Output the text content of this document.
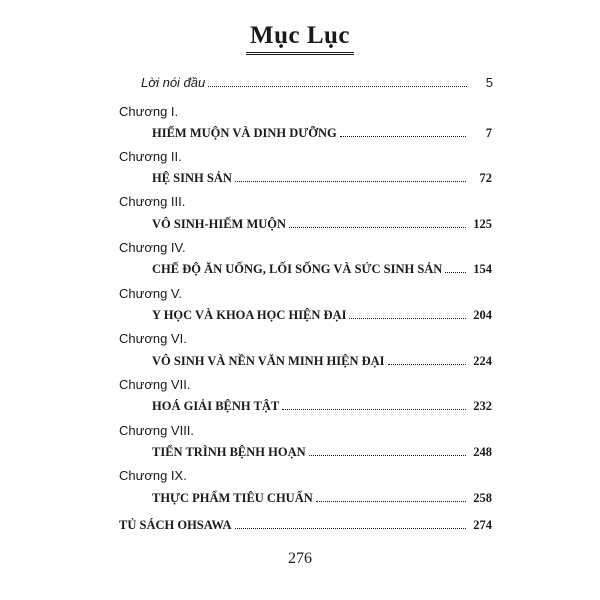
Mục Lục
Lời nói đầu	5
Chương I.
HIẾM MUỘN VÀ DINH DƯỠNG	7
Chương II.
HỆ SINH SẢN	72
Chương III.
VÔ SINH-HIẾM MUỘN	125
Chương IV.
CHẾ ĐỘ ĂN UỐNG, LỐI SỐNG VÀ SỨC SINH SẢN 154
Chương V.
Y HỌC VÀ KHOA HỌC HIỆN ĐẠI	204
Chương VI.
VÔ SINH VÀ NỀN VĂN MINH HIỆN ĐẠI	224
Chương VII.
HOÁ GIẢI BỆNH TẬT	232
Chương VIII.
TIẾN TRÌNH BỆNH HOẠN	248
Chương IX.
THỰC PHẨM TIÊU CHUẨN	258
TỦ SÁCH OHSAWA	274
276
